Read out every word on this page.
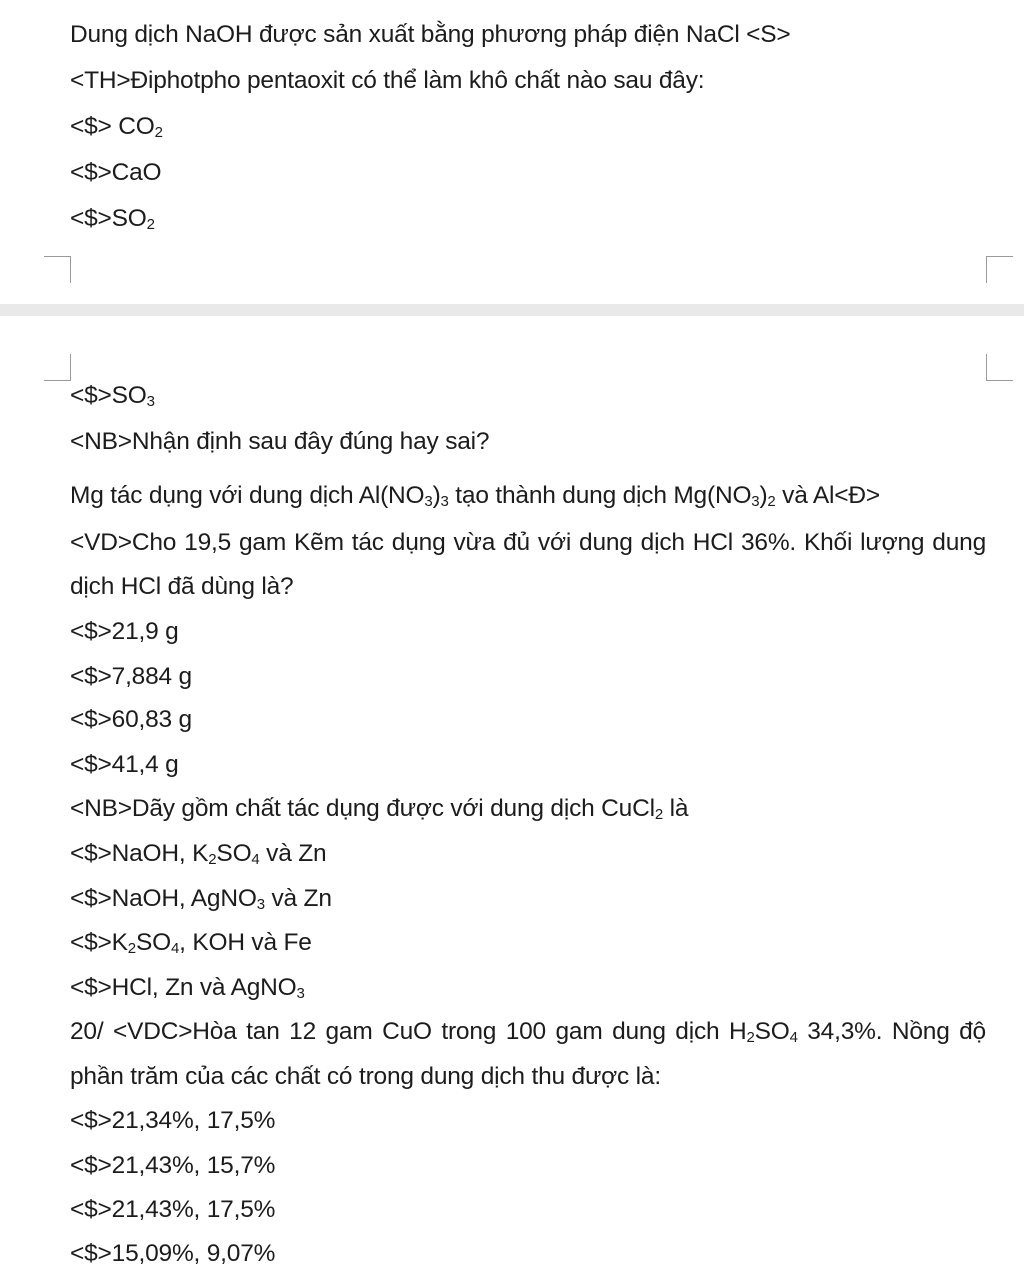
Dung dịch NaOH được sản xuất bằng phương pháp điện NaCl <S>
<TH>Điphotpho pentaoxit có thể làm khô chất nào sau đây:
<$> $CO_2$
<$>CaO
$<\$>SO_2$
$<\$>SO_3$
<NB>Nhận định sau đây đúng hay sai?
Mg tác dụng với dung dịch $Al(NO_3)_3$ tạo thành dung dịch $Mg(NO_3)_2$ và Al<Đ>
<VD>Cho 19,5 gam Kẽm tác dụng vừa đủ với dung dịch HCl 36%. Khối lượng dung
dịch HCl đã dùng là?
<$>21,9 g
<$>7,884 g
<$>60,83 g
<$>41,4 g
<NB>Dãy gồm chất tác dụng được với dung dịch CuCl$_2$ là
<$>NaOH, $K_2SO_4$ và Zn
<$>NaOH, AgNO$_3$ và Zn
$<\$>K_2SO_4$, KOH và Fe
<$>HCl, Zn và AgNO$_3$
20/ <VDC>Hòa tan 12 gam CuO trong 100 gam dung dịch $H_2SO_4$ 34,3%. Nồng độ
phần trăm của các chất có trong dung dịch thu được là:
<$>21,34%, 17,5%
<$>21,43%, 15,7%
<$>21,43%, 17,5%
<$>15,09%, 9,07%
